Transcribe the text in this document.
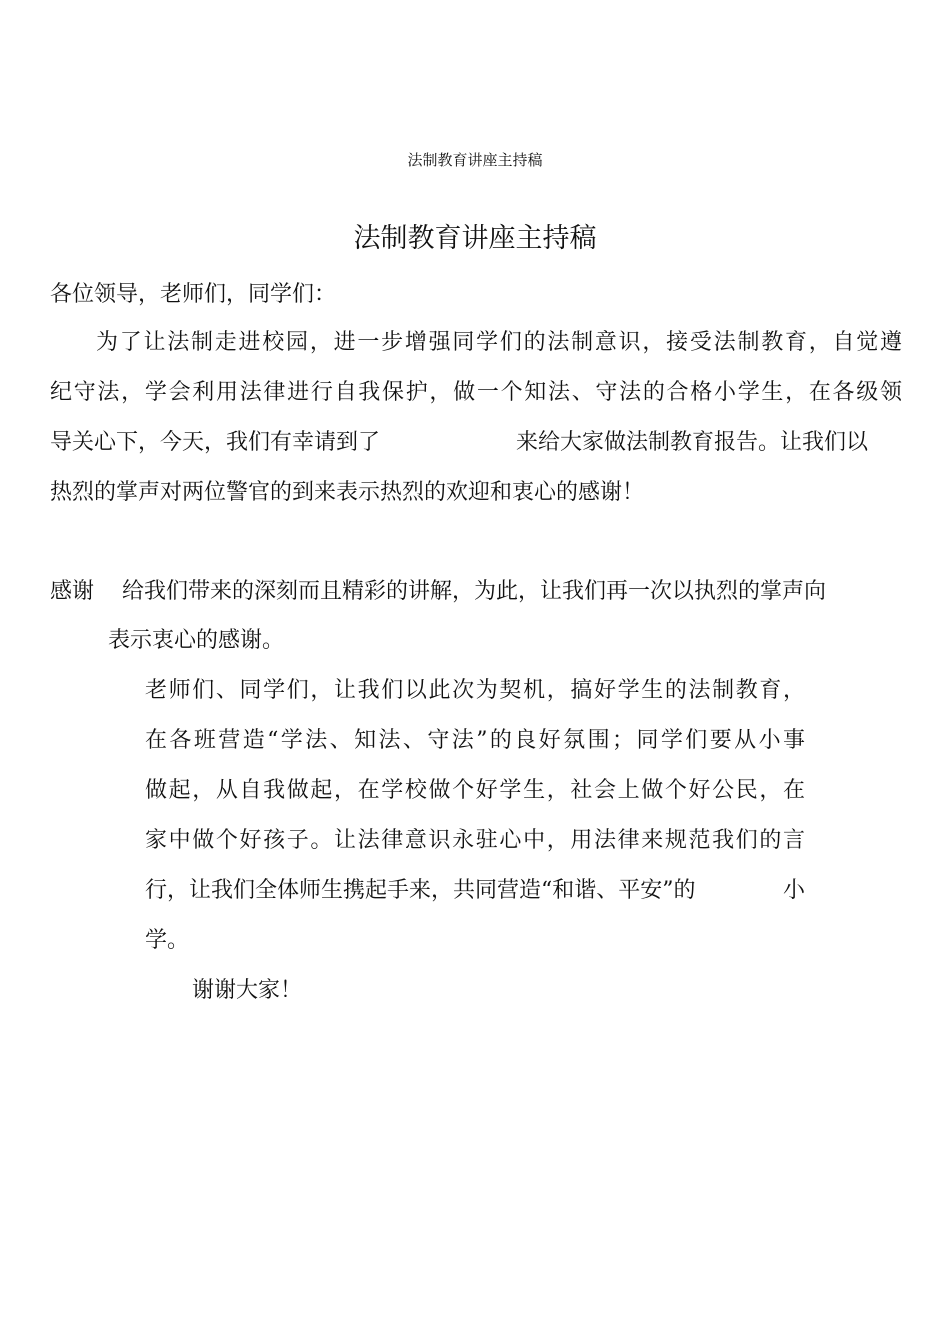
法制教育讲座主持稿
法制教育讲座主持稿
各位领导，老师们，同学们：
为了让法制走进校园，进一步增强同学们的法制意识，接受法制教育，自觉遵
纪守法，学会利用法律进行自我保护，做一个知法、守法的合格小学生，在各级领
导关心下，今天，我们有幸请到了	来给大家做法制教育报告。让我们以
热烈的掌声对两位警官的到来表示热烈的欢迎和衷心的感谢！
感谢 给我们带来的深刻而且精彩的讲解，为此，让我们再一次以执烈的掌声向
表示衷心的感谢。
老师们、同学们，让我们以此次为契机，搞好学生的法制教育，
在各班营造“学法、知法、守法”的良好氛围；同学们要从小事
做起，从自我做起，在学校做个好学生，社会上做个好公民，在
家中做个好孩子。让法律意识永驻心中，用法律来规范我们的言
行，让我们全体师生携起手来，共同营造“和谐、平安”的	小
学。
谢谢大家！
